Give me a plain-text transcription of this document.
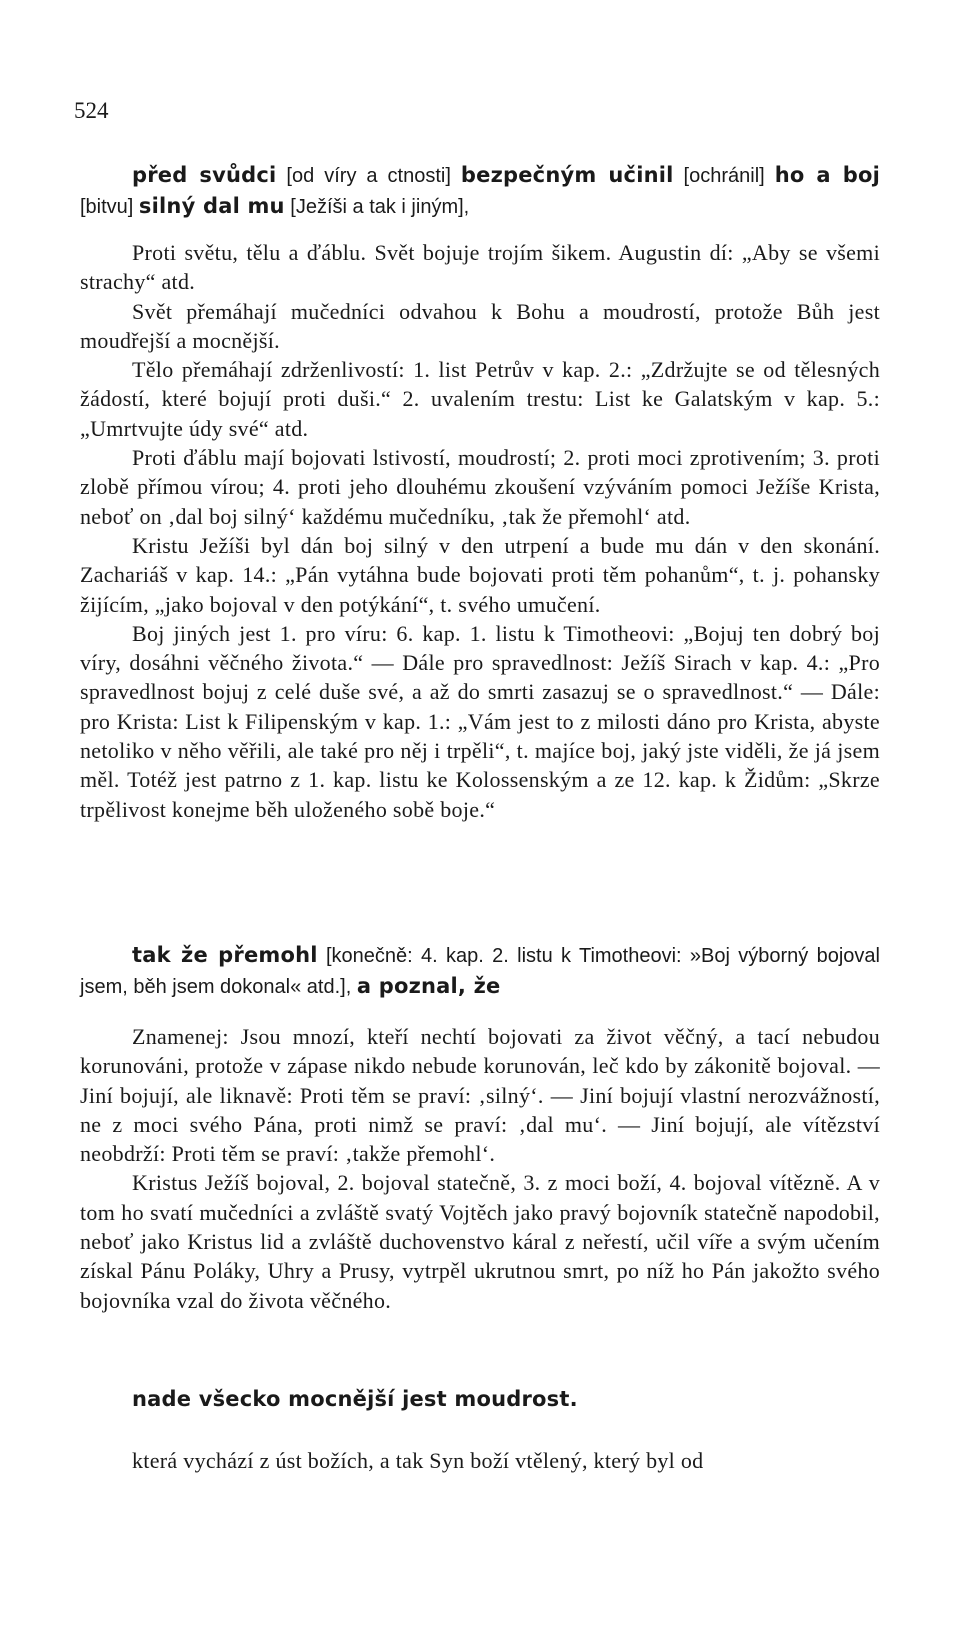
524

před svůdci [od víry a ctnosti] bezpečným učinil [ochránil] ho a boj [bitvu] silný dal mu [Ježíši a tak i jiným],

Proti světu, tělu a ďáblu. Svět bojuje trojím šikem. Augustin dí: „Aby se všemi strachy“ atd.

Svět přemáhají mučedníci odvahou k Bohu a moudrostí, protože Bůh jest moudřejší a mocnější.

Tělo přemáhají zdrženlivostí: 1. list Petrův v kap. 2.: „Zdržujte se od tělesných žádostí, které bojují proti duši.“ 2. uvalením trestu: List ke Galatským v kap. 5.: „Umrtvujte údy své“ atd.

Proti ďáblu mají bojovati lstivostí, moudrostí; 2. proti moci zprotivením; 3. proti zlobě přímou vírou; 4. proti jeho dlouhému zkoušení vzýváním pomoci Ježíše Krista, neboť on ‚dal boj silný‘ každému mučedníku, ‚tak že přemohl‘ atd.

Kristu Ježíši byl dán boj silný v den utrpení a bude mu dán v den skonání. Zachariáš v kap. 14.: „Pán vytáhna bude bojovati proti těm pohanům“, t. j. pohansky žijícím, „jako bojoval v den potýkání“, t. svého umučení.

Boj jiných jest 1. pro víru: 6. kap. 1. listu k Timotheovi: „Bojuj ten dobrý boj víry, dosáhni věčného života.“ — Dále pro spravedlnost: Ježíš Sirach v kap. 4.: „Pro spravedlnost bojuj z celé duše své, a až do smrti zasazuj se o spravedlnost.“ — Dále: pro Krista: List k Filipenským v kap. 1.: „Vám jest to z milosti dáno pro Krista, abyste netoliko v něho věřili, ale také pro něj i trpěli“, t. majíce boj, jaký jste viděli, že já jsem měl. Totéž jest patrno z 1. kap. listu ke Kolossenským a ze 12. kap. k Židům: „Skrze trpělivost konejme běh uloženého sobě boje.“

tak že přemohl [konečně: 4. kap. 2. listu k Timotheovi: »Boj výborný bojoval jsem, běh jsem dokonal« atd.], a poznal, že

Znamenej: Jsou mnozí, kteří nechtí bojovati za život věčný, a tací nebudou korunováni, protože v zápase nikdo nebude korunován, leč kdo by zákonitě bojoval. — Jiní bojují, ale liknavě: Proti těm se praví: ‚silný‘. — Jiní bojují vlastní nerozvážností, ne z moci svého Pána, proti nimž se praví: ‚dal mu‘. — Jiní bojují, ale vítězství neobdrží: Proti těm se praví: ‚takže přemohl‘.

Kristus Ježíš bojoval, 2. bojoval statečně, 3. z moci boží, 4. bojoval vítězně. A v tom ho svatí mučedníci a zvláště svatý Vojtěch jako pravý bojovník statečně napodobil, neboť jako Kristus lid a zvláště duchovenstvo káral z neřestí, učil víře a svým učením získal Pánu Poláky, Uhry a Prusy, vytrpěl ukrutnou smrt, po níž ho Pán jakožto svého bojovníka vzal do života věčného.

nade všecko mocnější jest moudrost.

která vychází z úst božích, a tak Syn boží vtělený, který byl od
